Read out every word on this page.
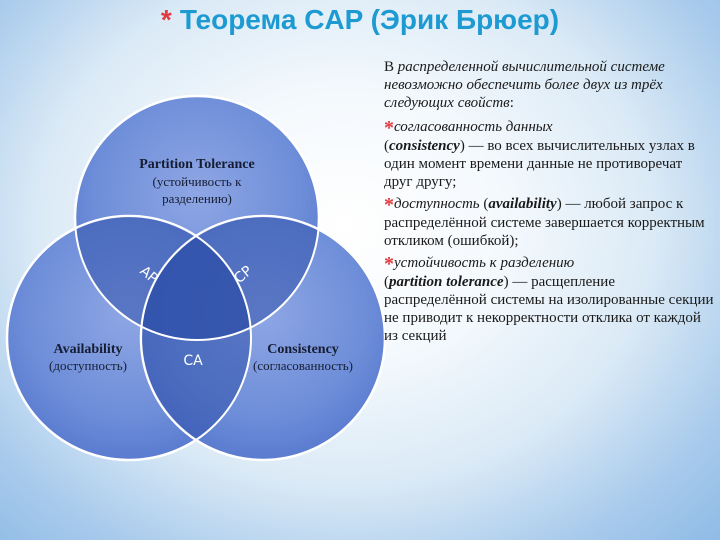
* Теорема CAP (Эрик Брюер)
Partition Tolerance
(устойчивость к
разделению)
Availability
(доступность)
Consistency
(согласованность)
AP	CP
CA

В распределенной вычислительной системе невозможно обеспечить более двух из трёх следующих свойств:

*согласованность данных
(consistency) — во всех вычислительных узлах в один момент времени данные не противоречат друг другу;

*доступность (availability) — любой запрос к распределённой системе завершается корректным откликом (ошибкой);

*устойчивость к разделению
(partition tolerance) — расщепление распределённой системы на изолированные секции не приводит к некорректности отклика от каждой из секций
